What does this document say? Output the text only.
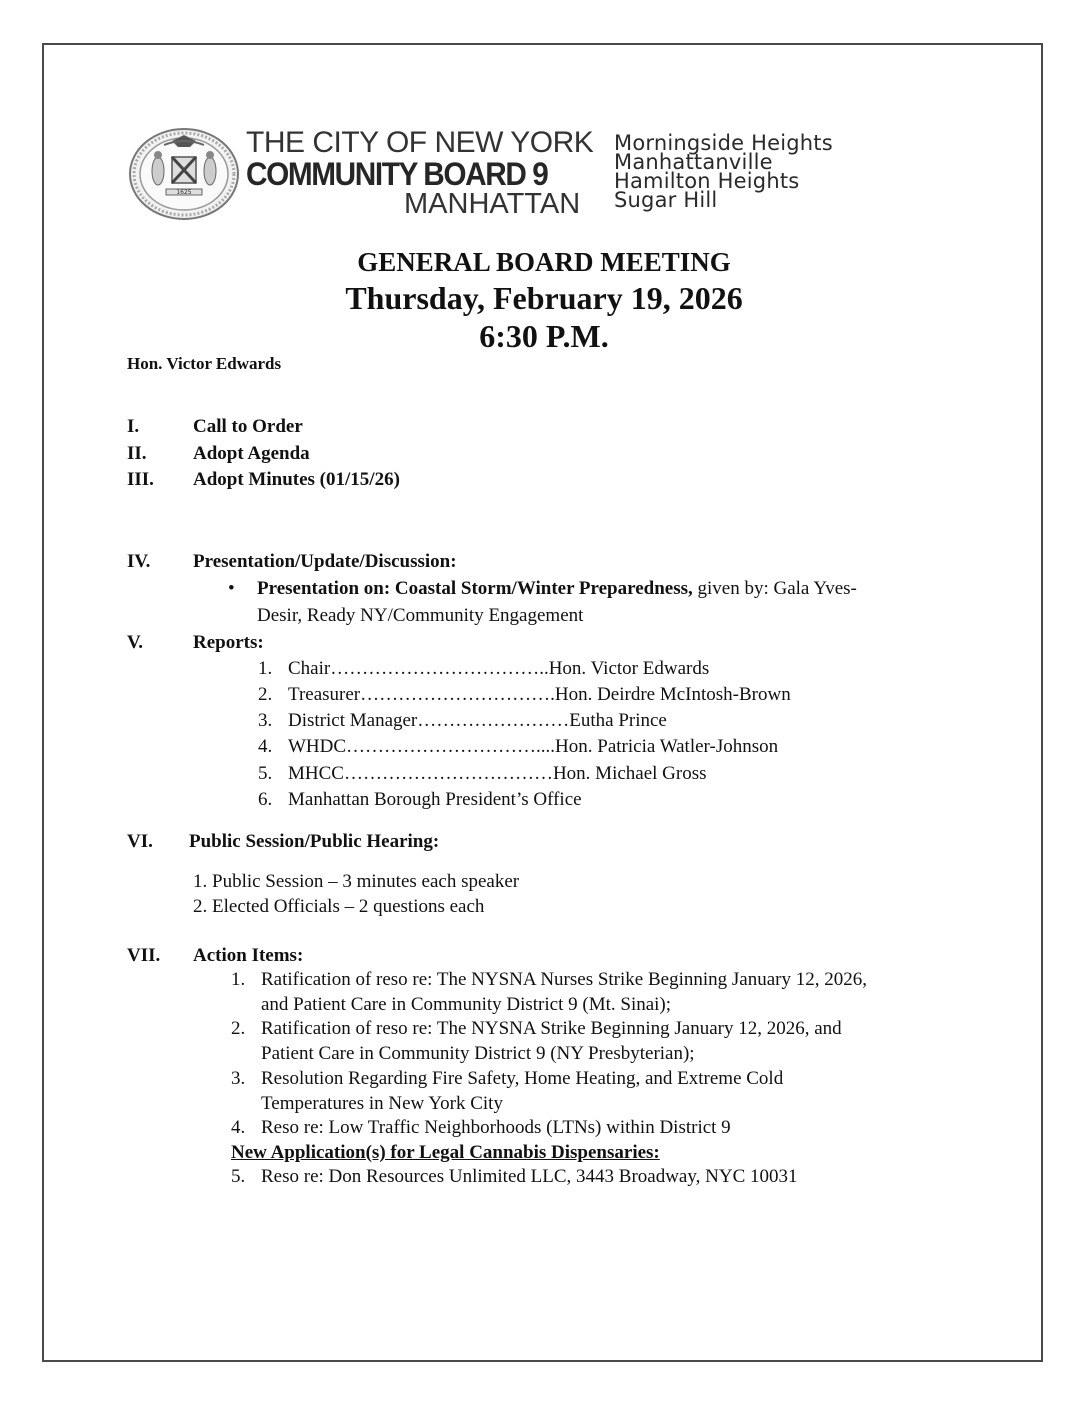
1625
THE CITY OF NEW YORK
COMMUNITY BOARD 9
MANHATTAN
Morningside Heights
Manhattanville
Hamilton Heights
Sugar Hill
GENERAL BOARD MEETING
Thursday, February 19, 2026
6:30 P.M.
Hon. Victor Edwards
I.	Call to Order
II. Adopt Agenda
III. Adopt Minutes (01/15/26)
IV. Presentation/Update/Discussion:
• Presentation on: Coastal Storm/Winter Preparedness, given by: Gala Yves-
Desir, Ready NY/Community Engagement
V.	Reports:
1. Chair……………………………..Hon. Victor Edwards
2. Treasurer………………………….Hon. Deirdre McIntosh-Brown
3. District Manager……………………Eutha Prince
4. WHDC…………………………....Hon. Patricia Watler-Johnson
5. MHCC……………………………Hon. Michael Gross
6. Manhattan Borough President’s Office
VI. Public Session/Public Hearing:
1. Public Session – 3 minutes each speaker
2. Elected Officials – 2 questions each
VII. Action Items:
1. Ratification of reso re: The NYSNA Nurses Strike Beginning January 12, 2026,
and Patient Care in Community District 9 (Mt. Sinai);
2. Ratification of reso re: The NYSNA Strike Beginning January 12, 2026, and
Patient Care in Community District 9 (NY Presbyterian);
3. Resolution Regarding Fire Safety, Home Heating, and Extreme Cold
Temperatures in New York City
4. Reso re: Low Traffic Neighborhoods (LTNs) within District 9
New Application(s) for Legal Cannabis Dispensaries:
5. Reso re: Don Resources Unlimited LLC, 3443 Broadway, NYC 10031
